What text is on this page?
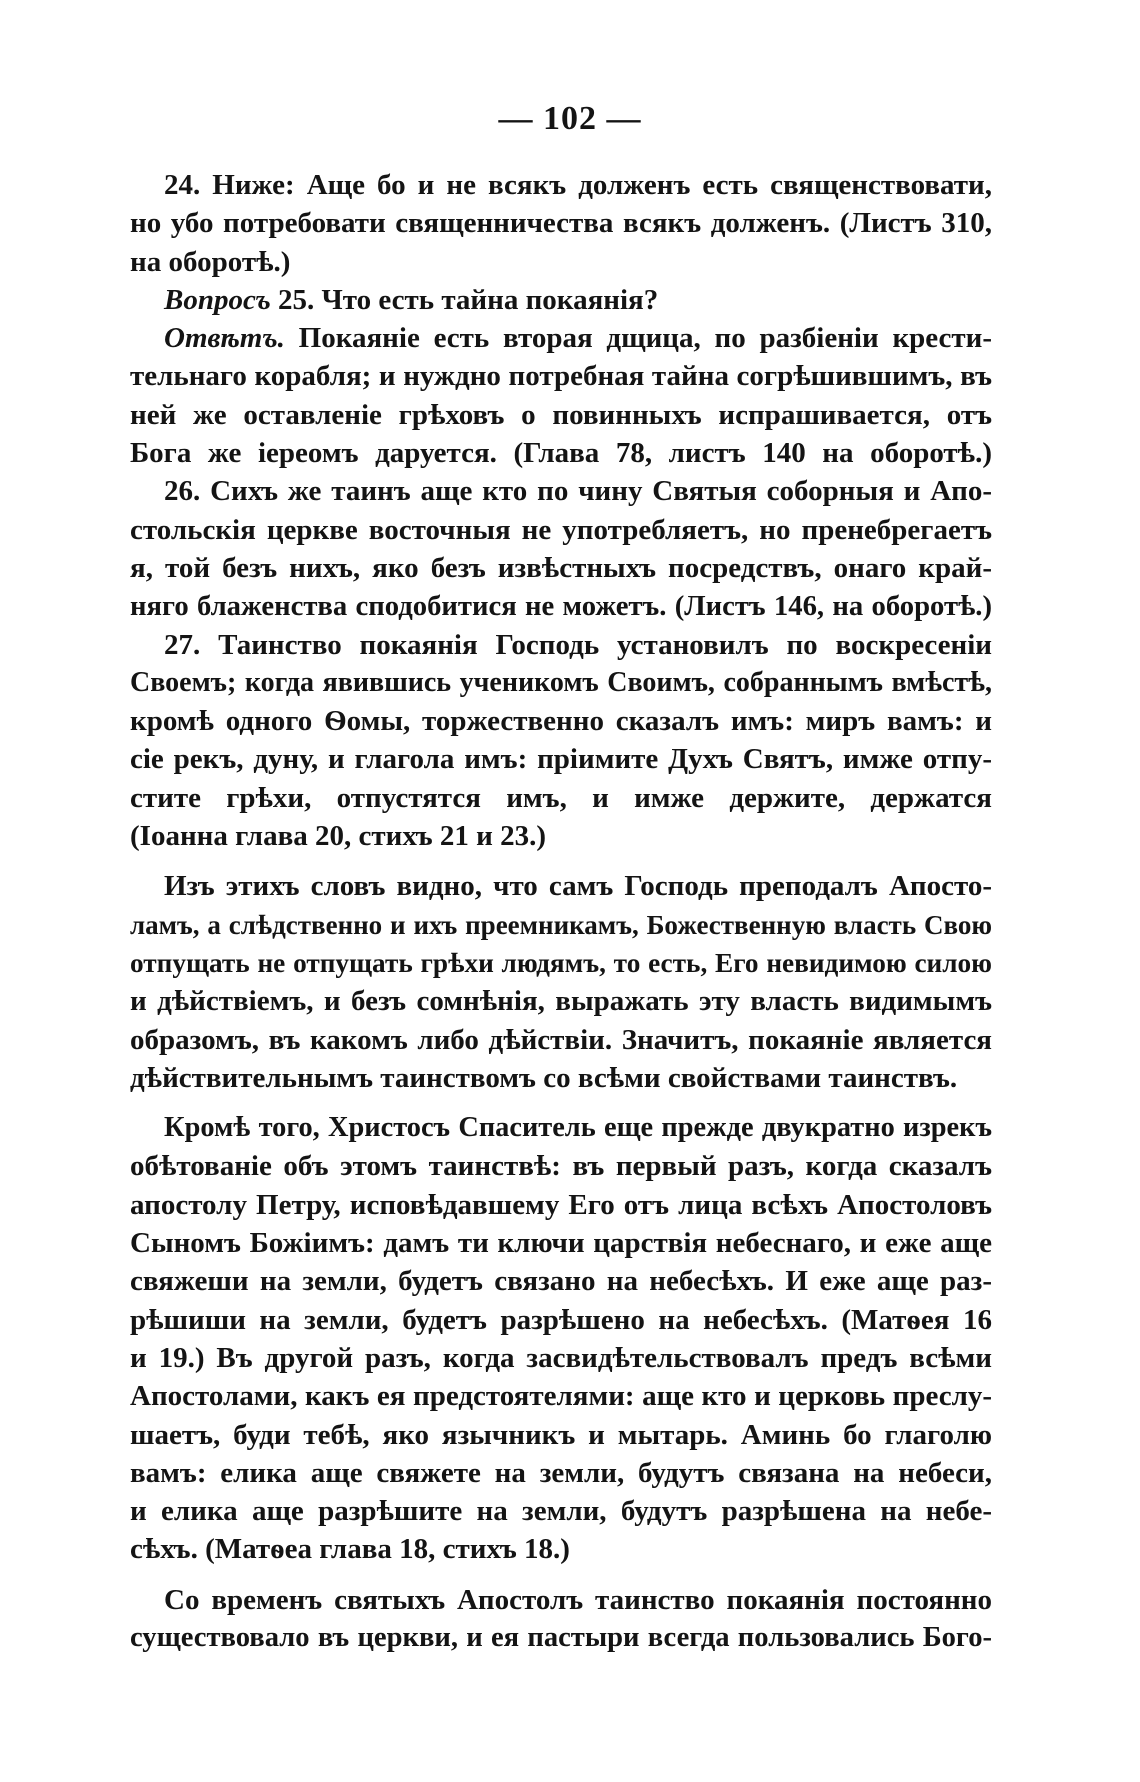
— 102 —
24. Ниже: Аще бо и не всякъ долженъ есть священствовати,
но убо потребовати священничества всякъ долженъ. (Листъ 310,
на оборотѣ.)
Вопросъ 25. Что есть тайна покаянія?
Отвѣтъ. Покаяніе есть вторая дщица, по разбіеніи крести-
тельнаго корабля; и нуждно потребная тайна согрѣшившимъ, въ
ней же оставленіе грѣховъ о повинныхъ испрашивается, отъ
Бога же іереомъ даруется. (Глава 78, листъ 140 на оборотѣ.)
26. Сихъ же таинъ аще кто по чину Святыя соборныя и Апо-
стольскія церкве восточныя не употребляетъ, но пренебрегаетъ
я, той безъ нихъ, яко безъ извѣстныхъ посредствъ, онаго край-
няго блаженства сподобитися не можетъ. (Листъ 146, на оборотѣ.)
27. Таинство покаянія Господь установилъ по воскресеніи
Своемъ; когда явившись ученикомъ Своимъ, собраннымъ вмѣстѣ,
кромѣ одного Ѳомы, торжественно сказалъ имъ: миръ вамъ: и
сіе рекъ, дуну, и глагола имъ: пріимите Духъ Святъ, имже отпу-
стите грѣхи, отпустятся имъ, и имже держите, держатся
(Іоанна глава 20, стихъ 21 и 23.)
Изъ этихъ словъ видно, что самъ Господь преподалъ Апосто-
ламъ, а слѣдственно и ихъ преемникамъ, Божественную власть Свою
отпущать не отпущать грѣхи людямъ, то есть, Его невидимою силою
и дѣйствіемъ, и безъ сомнѣнія, выражать эту власть видимымъ
образомъ, въ какомъ либо дѣйствіи. Значитъ, покаяніе является
дѣйствительнымъ таинствомъ со всѣми свойствами таинствъ.
Кромѣ того, Христосъ Спаситель еще прежде двукратно изрекъ
обѣтованіе объ этомъ таинствѣ: въ первый разъ, когда сказалъ
апостолу Петру, исповѣдавшему Его отъ лица всѣхъ Апостоловъ
Сыномъ Божіимъ: дамъ ти ключи царствія небеснаго, и еже аще
свяжеши на земли, будетъ связано на небесѣхъ. И еже аще раз-
рѣшиши на земли, будетъ разрѣшено на небесѣхъ. (Матѳея 16
и 19.) Въ другой разъ, когда засвидѣтельствовалъ предъ всѣми
Апостолами, какъ ея предстоятелями: аще кто и церковь преслу-
шаетъ, буди тебѣ, яко язычникъ и мытарь. Аминь бо глаголю
вамъ: елика аще свяжете на земли, будутъ связана на небеси,
и елика аще разрѣшите на земли, будутъ разрѣшена на небе-
сѣхъ. (Матѳеа глава 18, стихъ 18.)
Со временъ святыхъ Апостолъ таинство покаянія постоянно
существовало въ церкви, и ея пастыри всегда пользовались Бого-
